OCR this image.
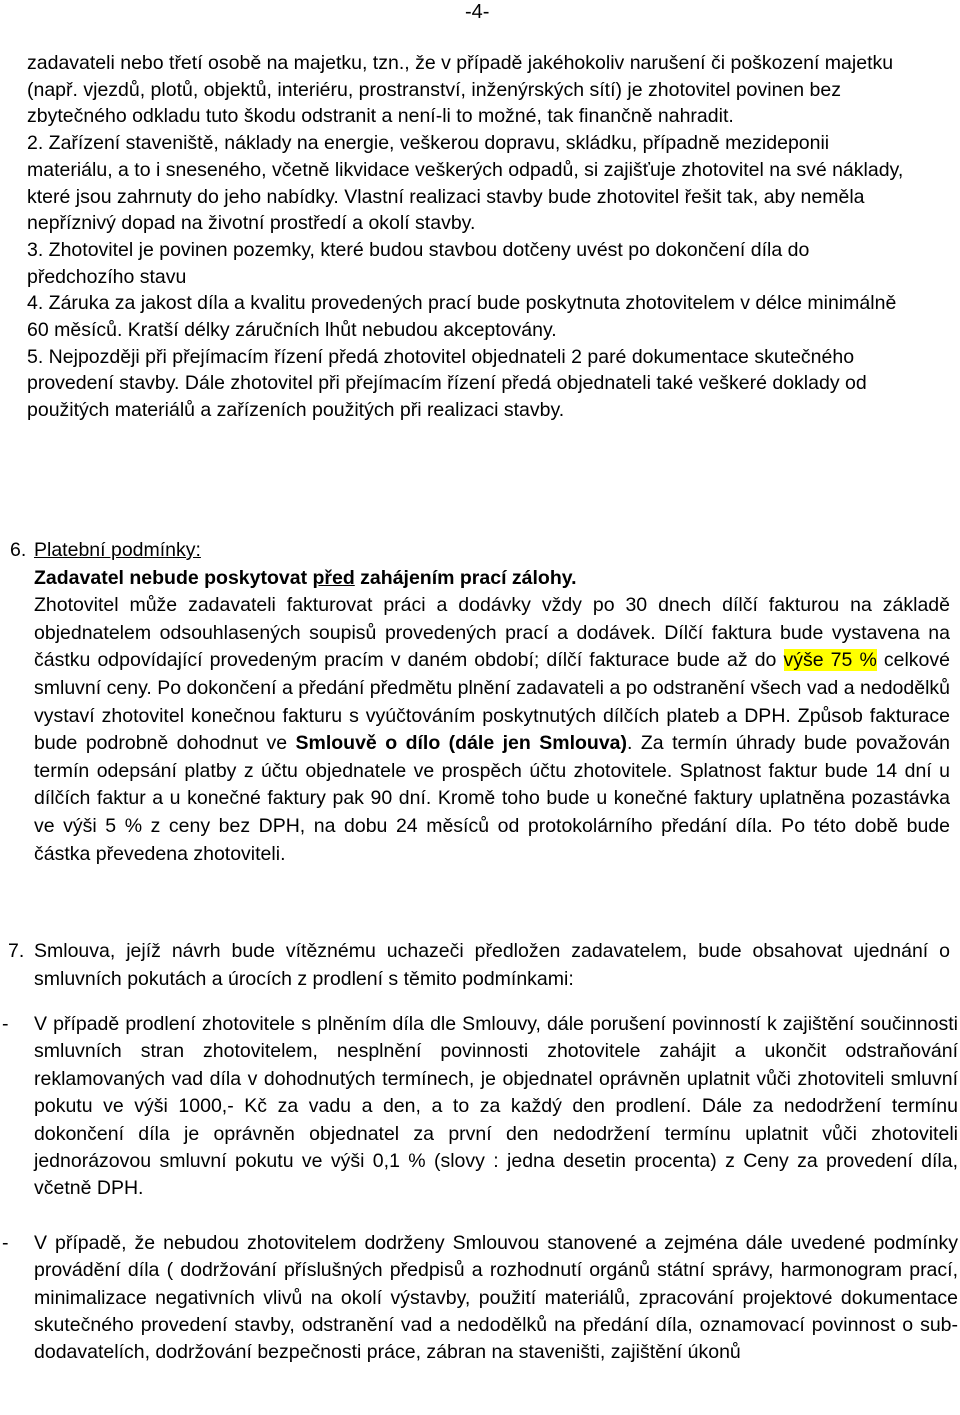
-4-

zadavateli nebo třetí osobě na majetku, tzn., že v případě jakéhokoliv narušení či poškození majetku (např. vjezdů, plotů, objektů, interiéru, prostranství, inženýrských sítí) je zhotovitel povinen bez zbytečného odkladu tuto škodu odstranit a není-li to možné, tak finančně nahradit.

2. Zařízení staveniště, náklady na energie, veškerou dopravu, skládku, případně mezideponii materiálu, a to i sneseného, včetně likvidace veškerých odpadů, si zajišťuje zhotovitel na své náklady, které jsou zahrnuty do jeho nabídky. Vlastní realizaci stavby bude zhotovitel řešit tak, aby neměla nepříznivý dopad na životní prostředí a okolí stavby.

3. Zhotovitel je povinen pozemky, které budou stavbou dotčeny uvést po dokončení díla do předchozího stavu

4. Záruka za jakost díla a kvalitu provedených prací bude poskytnuta zhotovitelem v délce minimálně 60 měsíců. Kratší délky záručních lhůt nebudou akceptovány.

5. Nejpozději při přejímacím řízení předá zhotovitel objednateli 2 paré dokumentace skutečného provedení stavby. Dále zhotovitel při přejímacím řízení předá objednateli také veškeré doklady od použitých materiálů a zařízeních použitých při realizaci stavby.

6. Platební podmínky:
Zadavatel nebude poskytovat před zahájením prací zálohy.
Zhotovitel může zadavateli fakturovat práci a dodávky vždy po 30 dnech dílčí fakturou na základě objednatelem odsouhlasených soupisů provedených prací a dodávek. Dílčí faktura bude vystavena na částku odpovídající provedeným pracím v daném období; dílčí fakturace bude až do výše 75 % celkové smluvní ceny. Po dokončení a předání předmětu plnění zadavateli a po odstranění všech vad a nedodělků vystaví zhotovitel konečnou fakturu s vyúčtováním poskytnutých dílčích plateb a DPH. Způsob fakturace bude podrobně dohodnut ve Smlouvě o dílo (dále jen Smlouva). Za termín úhrady bude považován termín odepsání platby z účtu objednatele ve prospěch účtu zhotovitele. Splatnost faktur bude 14 dní u dílčích faktur a u konečné faktury pak 90 dní. Kromě toho bude u konečné faktury uplatněna pozastávka ve výši 5 % z ceny bez DPH, na dobu 24 měsíců od protokolárního předání díla. Po této době bude částka převedena zhotoviteli.
7. Smlouva, jejíž návrh bude vítěznému uchazeči předložen zadavatelem, bude obsahovat ujednání o smluvních pokutách a úrocích z prodlení s těmito podmínkami:
- V případě prodlení zhotovitele s plněním díla dle Smlouvy, dále porušení povinností k zajištění součinnosti smluvních stran zhotovitelem, nesplnění povinnosti zhotovitele zahájit a ukončit odstraňování reklamovaných vad díla v dohodnutých termínech, je objednatel oprávněn uplatnit vůči zhotoviteli smluvní pokutu ve výši 1000,- Kč za vadu a den, a to za každý den prodlení. Dále za nedodržení termínu dokončení díla je oprávněn objednatel za první den nedodržení termínu uplatnit vůči zhotoviteli jednorázovou smluvní pokutu ve výši 0,1 % (slovy : jedna desetin procenta) z Ceny za provedení díla, včetně DPH.
- V případě, že nebudou zhotovitelem dodrženy Smlouvou stanovené a zejména dále uvedené podmínky provádění díla ( dodržování příslušných předpisů a rozhodnutí orgánů státní správy, harmonogram prací, minimalizace negativních vlivů na okolí výstavby, použití materiálů, zpracování projektové dokumentace skutečného provedení stavby, odstranění vad a nedodělků na předání díla, oznamovací povinnost o sub-dodavatelích, dodržování bezpečnosti práce, zábran na staveništi, zajištění úkonů
